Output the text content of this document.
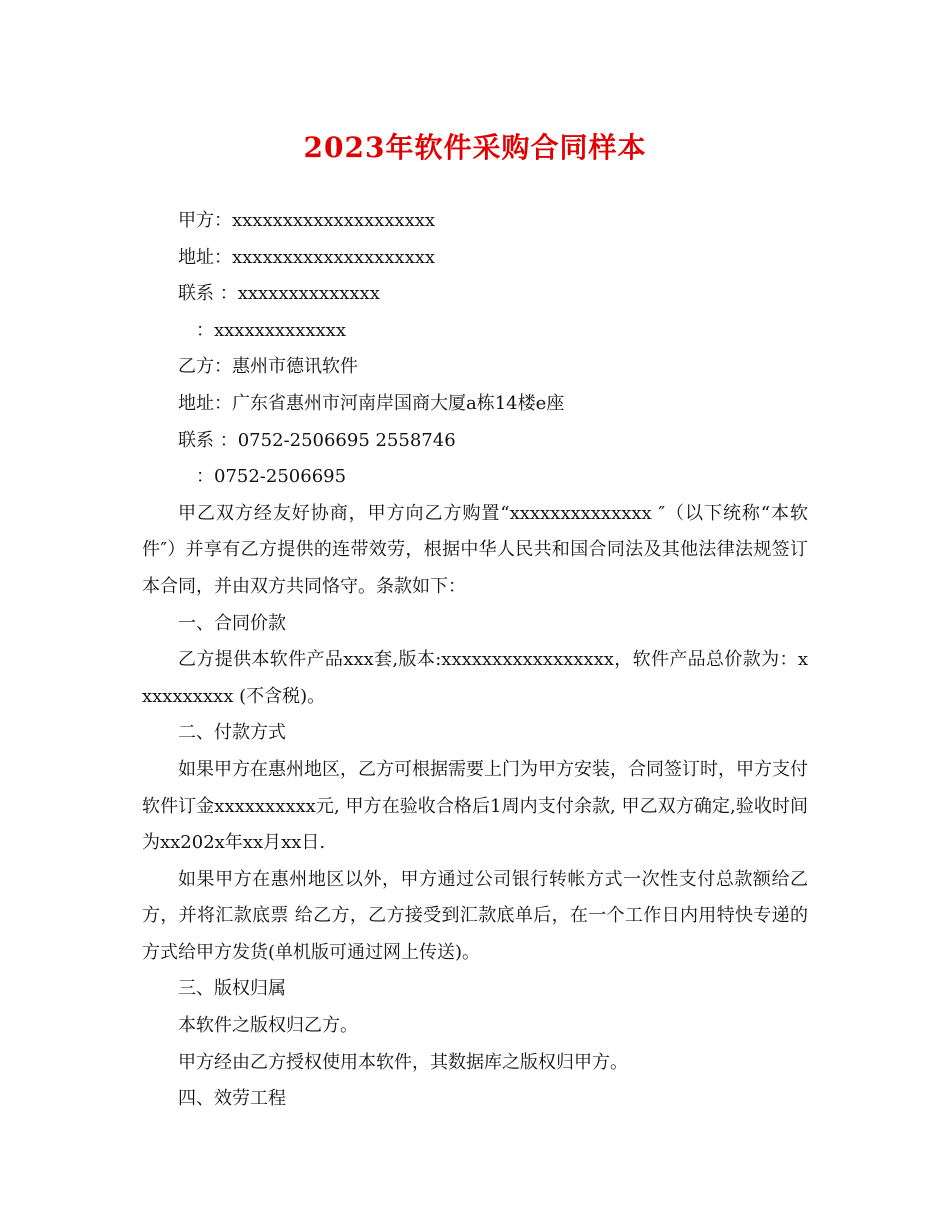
2023年软件采购合同样本
甲方：xxxxxxxxxxxxxxxxxxxx
地址：xxxxxxxxxxxxxxxxxxxx
联系 ：xxxxxxxxxxxxxx
：xxxxxxxxxxxxx
乙方：惠州市德讯软件
地址：广东省惠州市河南岸国商大厦a栋14楼e座
联系 ：0752-2506695 2558746
：0752-2506695
甲乙双方经友好协商，甲方向乙方购置“xxxxxxxxxxxxxx ″（以下统称“本软件″）并享有乙方提供的连带效劳，根据中华人民共和国合同法及其他法律法规签订本合同，并由双方共同恪守。条款如下：
一、合同价款
乙方提供本软件产品xxx套,版本:xxxxxxxxxxxxxxxxx，软件产品总价款为：xxxxxxxxxx (不含税)。
二、付款方式
如果甲方在惠州地区，乙方可根据需要上门为甲方安装，合同签订时，甲方支付软件订金xxxxxxxxxx元, 甲方在验收合格后1周内支付余款, 甲乙双方确定,验收时间为xx202x年xx月xx日.
如果甲方在惠州地区以外，甲方通过公司银行转帐方式一次性支付总款额给乙方，并将汇款底票 给乙方，乙方接受到汇款底单后，在一个工作日内用特快专递的方式给甲方发货(单机版可通过网上传送)。
三、版权归属
本软件之版权归乙方。
甲方经由乙方授权使用本软件，其数据库之版权归甲方。
四、效劳工程
